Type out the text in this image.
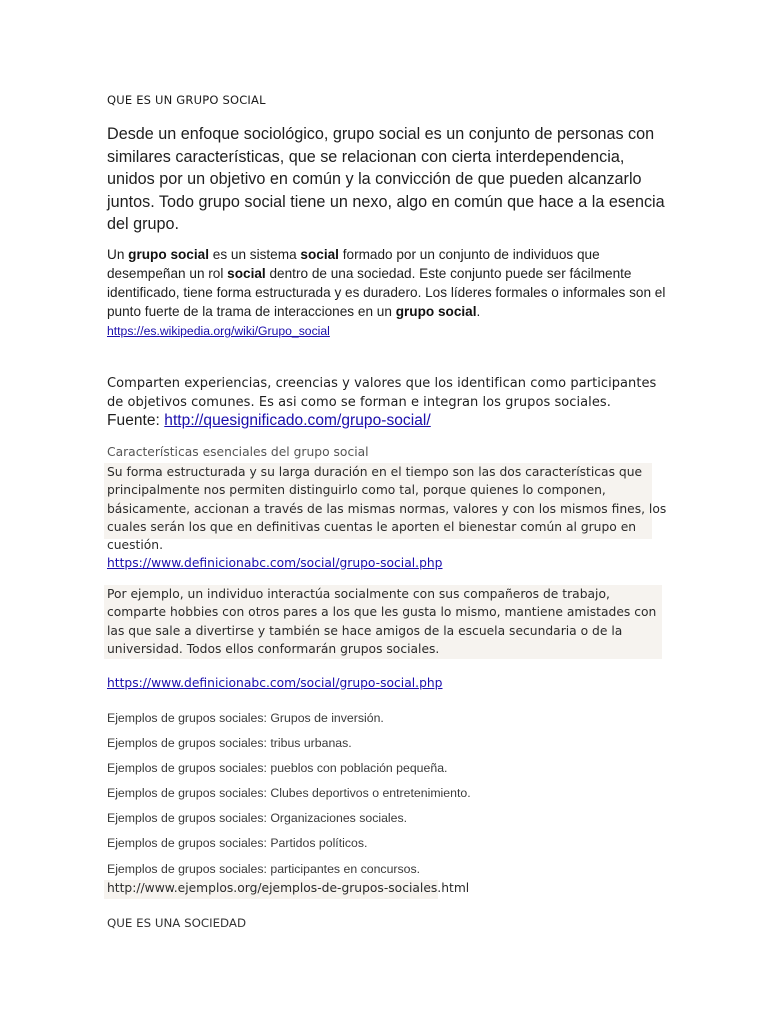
QUE ES UN GRUPO SOCIAL

Desde un enfoque sociológico, grupo social es un conjunto de personas con similares características, que se relacionan con cierta interdependencia, unidos por un objetivo en común y la convicción de que pueden alcanzarlo juntos. Todo grupo social tiene un nexo, algo en común que hace a la esencia del grupo.

Un grupo social es un sistema social formado por un conjunto de individuos que desempeñan un rol social dentro de una sociedad. Este conjunto puede ser fácilmente identificado, tiene forma estructurada y es duradero. Los líderes formales o informales son el punto fuerte de la trama de interacciones en un grupo social.
https://es.wikipedia.org/wiki/Grupo_social
Comparten experiencias, creencias y valores que los identifican como participantes de objetivos comunes. Es asi como se forman e integran los grupos sociales.
Fuente: http://quesignificado.com/grupo-social/
Características esenciales del grupo social

Su forma estructurada y su larga duración en el tiempo son las dos características que principalmente nos permiten distinguirlo como tal, porque quienes lo componen, básicamente, accionan a través de las mismas normas, valores y con los mismos fines, los cuales serán los que en definitivas cuentas le aporten el bienestar común al grupo en cuestión.

https://www.definicionabc.com/social/grupo-social.php

Por ejemplo, un individuo interactúa socialmente con sus compañeros de trabajo, comparte hobbies con otros pares a los que les gusta lo mismo, mantiene amistades con las que sale a divertirse y también se hace amigos de la escuela secundaria o de la universidad. Todos ellos conformarán grupos sociales.

https://www.definicionabc.com/social/grupo-social.php
Ejemplos de grupos sociales: Grupos de inversión.
Ejemplos de grupos sociales: tribus urbanas.
Ejemplos de grupos sociales: pueblos con población pequeña.
Ejemplos de grupos sociales: Clubes deportivos o entretenimiento.
Ejemplos de grupos sociales: Organizaciones sociales.
Ejemplos de grupos sociales: Partidos políticos.
Ejemplos de grupos sociales: participantes en concursos.
http://www.ejemplos.org/ejemplos-de-grupos-sociales.html
QUE ES UNA SOCIEDAD
